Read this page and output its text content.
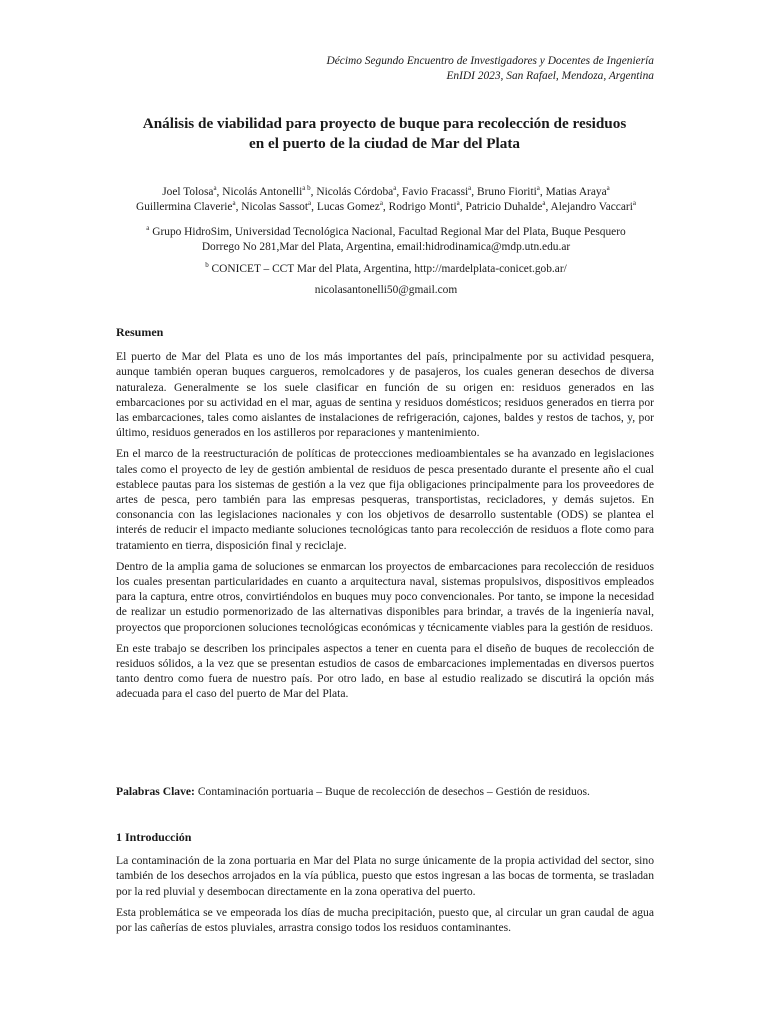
Décimo Segundo Encuentro de Investigadores y Docentes de Ingeniería
EnIDI 2023, San Rafael, Mendoza, Argentina
Análisis de viabilidad para proyecto de buque para recolección de residuos
en el puerto de la ciudad de Mar del Plata
Joel Tolosa$^a$, Nicolás Antonelli$^{a b}$, Nicolás Córdoba$^a$, Favio Fracassi$^a$, Bruno Fioriti$^a$, Matias Araya$^a$
Guillermina Claverie$^a$, Nicolas Sassot$^a$, Lucas Gomez$^a$, Rodrigo Monti$^a$, Patricio Duhalde$^a$, Alejandro Vaccari$^a$
$^a$ Grupo HidroSim, Universidad Tecnológica Nacional, Facultad Regional Mar del Plata, Buque Pesquero
Dorrego No 281,Mar del Plata, Argentina, email:hidrodinamica@mdp.utn.edu.ar
$^b$ CONICET – CCT Mar del Plata, Argentina, http://mardelplata-conicet.gob.ar/
nicolasantonelli50@gmail.com

Resumen

El puerto de Mar del Plata es uno de los más importantes del país, principalmente por su actividad pesquera, aunque también operan buques cargueros, remolcadores y de pasajeros, los cuales generan desechos de diversa naturaleza. Generalmente se los suele clasificar en función de su origen en: residuos generados en las embarcaciones por su actividad en el mar, aguas de sentina y residuos domésticos; residuos generados en tierra por las embarcaciones, tales como aislantes de instalaciones de refrigeración, cajones, baldes y restos de tachos, y, por último, residuos generados en los astilleros por reparaciones y mantenimiento.

En el marco de la reestructuración de políticas de protecciones medioambientales se ha avanzado en legislaciones tales como el proyecto de ley de gestión ambiental de residuos de pesca presentado durante el presente año el cual establece pautas para los sistemas de gestión a la vez que fija obligaciones principalmente para los proveedores de artes de pesca, pero también para las empresas pesqueras, transportistas, recicladores, y demás sujetos. En consonancia con las legislaciones nacionales y con los objetivos de desarrollo sustentable (ODS) se plantea el interés de reducir el impacto mediante soluciones tecnológicas tanto para recolección de residuos a flote como para tratamiento en tierra, disposición final y reciclaje.

Dentro de la amplia gama de soluciones se enmarcan los proyectos de embarcaciones para recolección de residuos los cuales presentan particularidades en cuanto a arquitectura naval, sistemas propulsivos, dispositivos empleados para la captura, entre otros, convirtiéndolos en buques muy poco convencionales. Por tanto, se impone la necesidad de realizar un estudio pormenorizado de las alternativas disponibles para brindar, a través de la ingeniería naval, proyectos que proporcionen soluciones tecnológicas económicas y técnicamente viables para la gestión de residuos.

En este trabajo se describen los principales aspectos a tener en cuenta para el diseño de buques de recolección de residuos sólidos, a la vez que se presentan estudios de casos de embarcaciones implementadas en diversos puertos tanto dentro como fuera de nuestro país. Por otro lado, en base al estudio realizado se discutirá la opción más adecuada para el caso del puerto de Mar del Plata.

Palabras Clave: Contaminación portuaria – Buque de recolección de desechos – Gestión de residuos.

1 Introducción

La contaminación de la zona portuaria en Mar del Plata no surge únicamente de la propia actividad del sector, sino también de los desechos arrojados en la vía pública, puesto que estos ingresan a las bocas de tormenta, se trasladan por la red pluvial y desembocan directamente en la zona operativa del puerto.

Esta problemática se ve empeorada los días de mucha precipitación, puesto que, al circular un gran caudal de agua por las cañerías de estos pluviales, arrastra consigo todos los residuos contaminantes.
